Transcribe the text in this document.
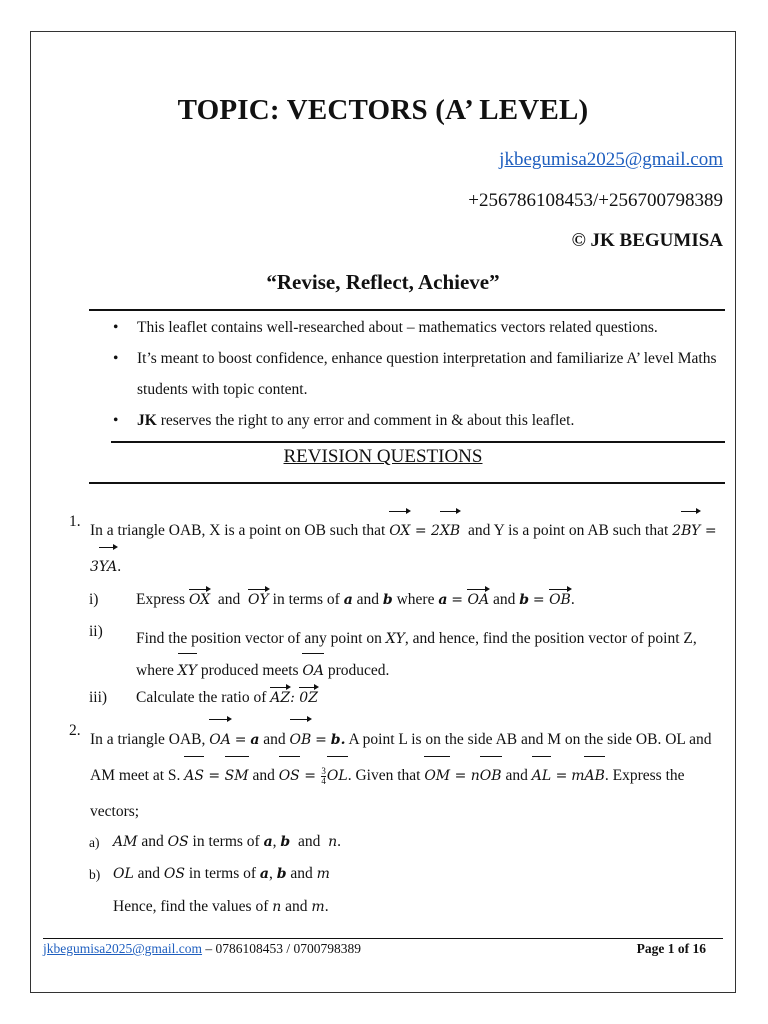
TOPIC: VECTORS (A’ LEVEL)
jkbegumisa2025@gmail.com
+256786108453/+256700798389
© JK BEGUMISA
“Revise, Reflect, Achieve”
• This leaflet contains well-researched about – mathematics vectors related questions.
• It’s meant to boost confidence, enhance question interpretation and familiarize A’ level Maths students with topic content.
• JK reserves the right to any error and comment in & about this leaflet.
REVISION QUESTIONS
1.
In a triangle OAB, X is a point on OB such that OX = 2XB  and Y is a point on AB such that 2BY = 3YA.
i) Express OX  and  OY in terms of a and b where a = OA and b = OB.
ii) Find the position vector of any point on XY, and hence, find the position vector of point Z, where XY produced meets OA produced.
iii) Calculate the ratio of AZ: 0Z
2.
In a triangle OAB, OA = a and OB = b. A point L is on the side AB and M on the side OB. OL and AM meet at S. AS = SM and OS = $\frac{3}{4}$ OL. Given that OM = nOB and AL = mAB. Express the vectors;
a) AM and OS in terms of a, b  and  n.
b) OL and OS in terms of a, b and m
Hence, find the values of n and m.
jkbegumisa2025@gmail.com – 0786108453 / 0700798389	Page 1 of 16
